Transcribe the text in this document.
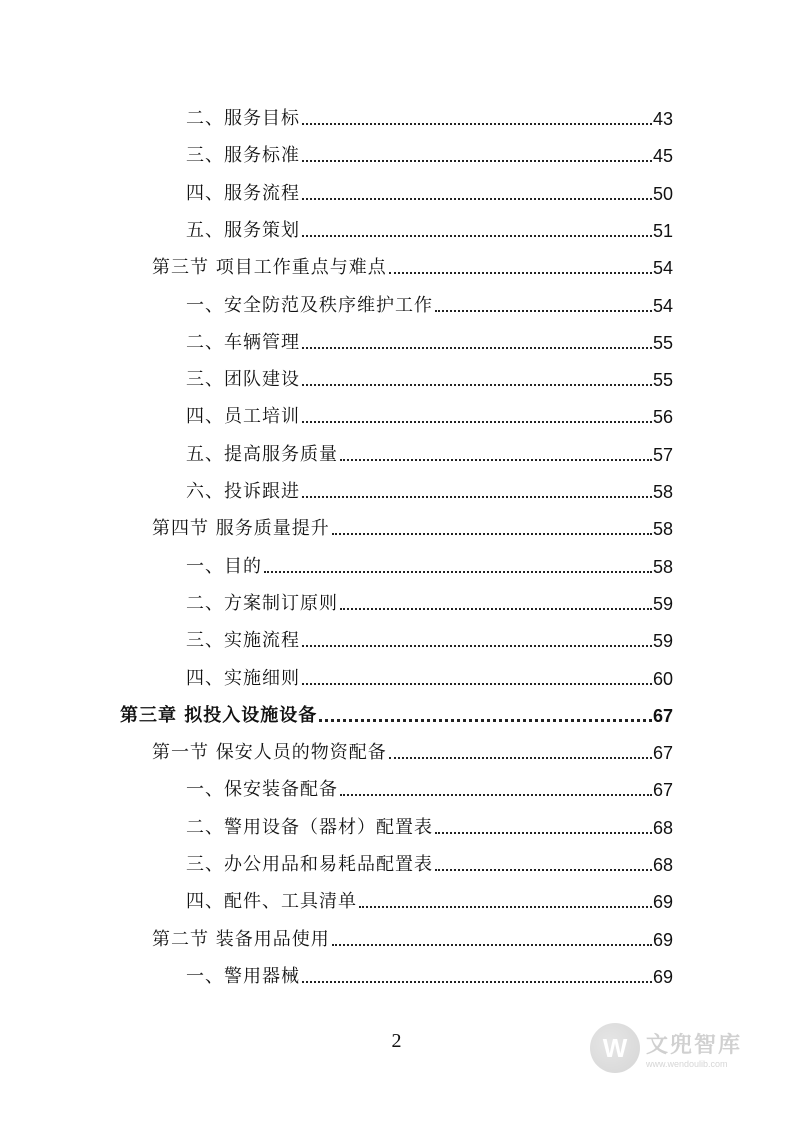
二、服务目标	43
三、服务标准	45
四、服务流程	50
五、服务策划	51
第三节 项目工作重点与难点	54
一、安全防范及秩序维护工作	54
二、车辆管理	55
三、团队建设	55
四、员工培训	56
五、提高服务质量	57
六、投诉跟进	58
第四节 服务质量提升	58
一、目的	58
二、方案制订原则	59
三、实施流程	59
四、实施细则	60
第三章 拟投入设施设备	67
第一节 保安人员的物资配备	67
一、保安装备配备	67
二、警用设备（器材）配置表	68
三、办公用品和易耗品配置表	68
四、配件、工具清单	69
第二节 装备用品使用	69
一、警用器械	69
2	W 文兜智库
www.wendoulib.com
